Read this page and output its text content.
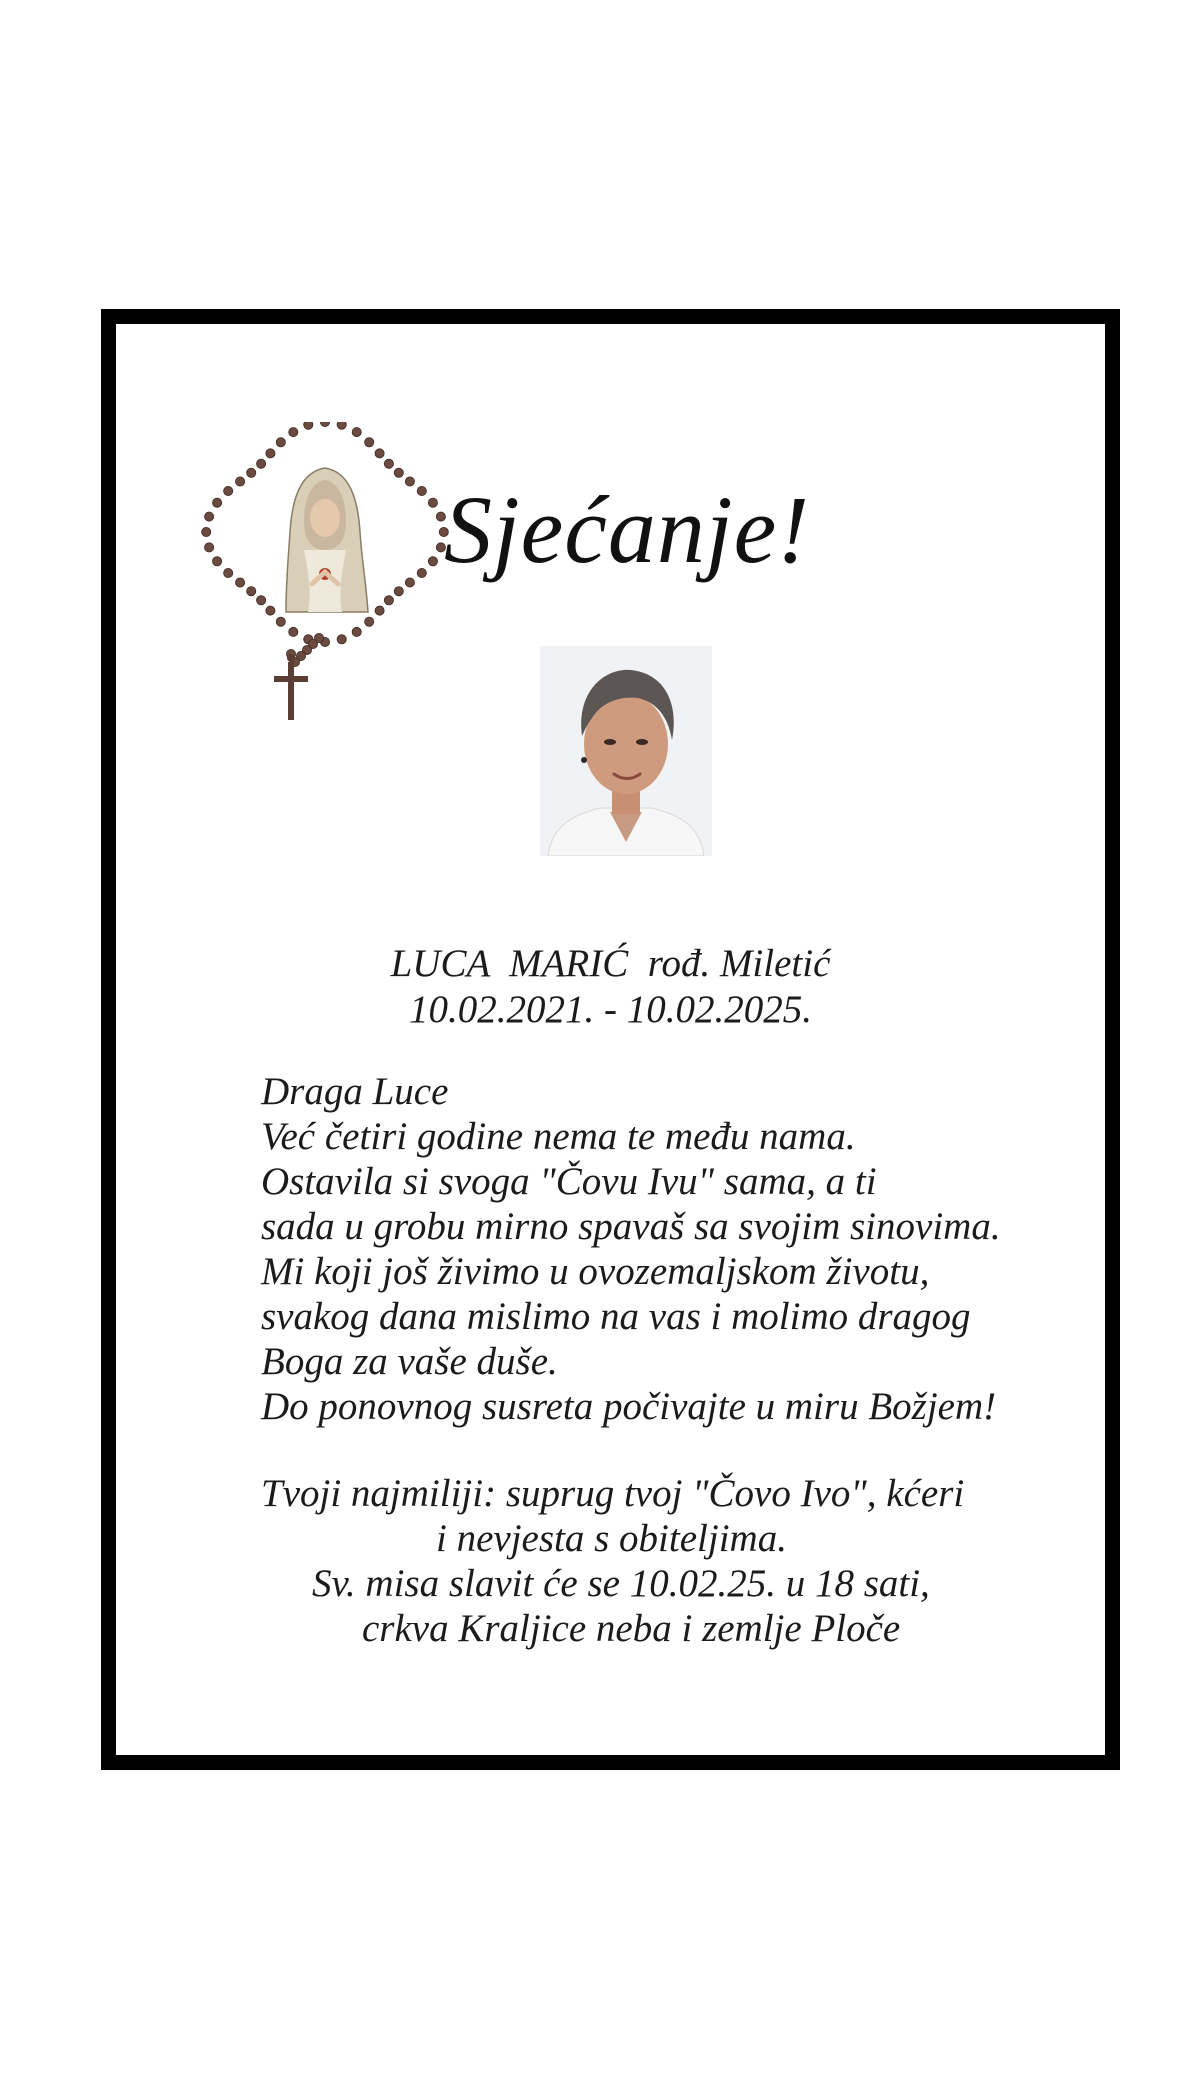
Sjećanje!
LUCA  MARIĆ  rođ. Miletić
10.02.2021. - 10.02.2025.
Draga Luce
Već četiri godine nema te među nama.
Ostavila si svoga "Čovu Ivu" sama, a ti
sada u grobu mirno spavaš sa svojim sinovima.
Mi koji još živimo u ovozemaljskom životu,
svakog dana mislimo na vas i molimo dragog
Boga za vaše duše.
Do ponovnog susreta počivajte u miru Božjem!
Tvoji najmiliji: suprug tvoj "Čovo Ivo", kćeri
i nevjesta s obiteljima.
Sv. misa slavit će se 10.02.25. u 18 sati,
crkva Kraljice neba i zemlje Ploče
